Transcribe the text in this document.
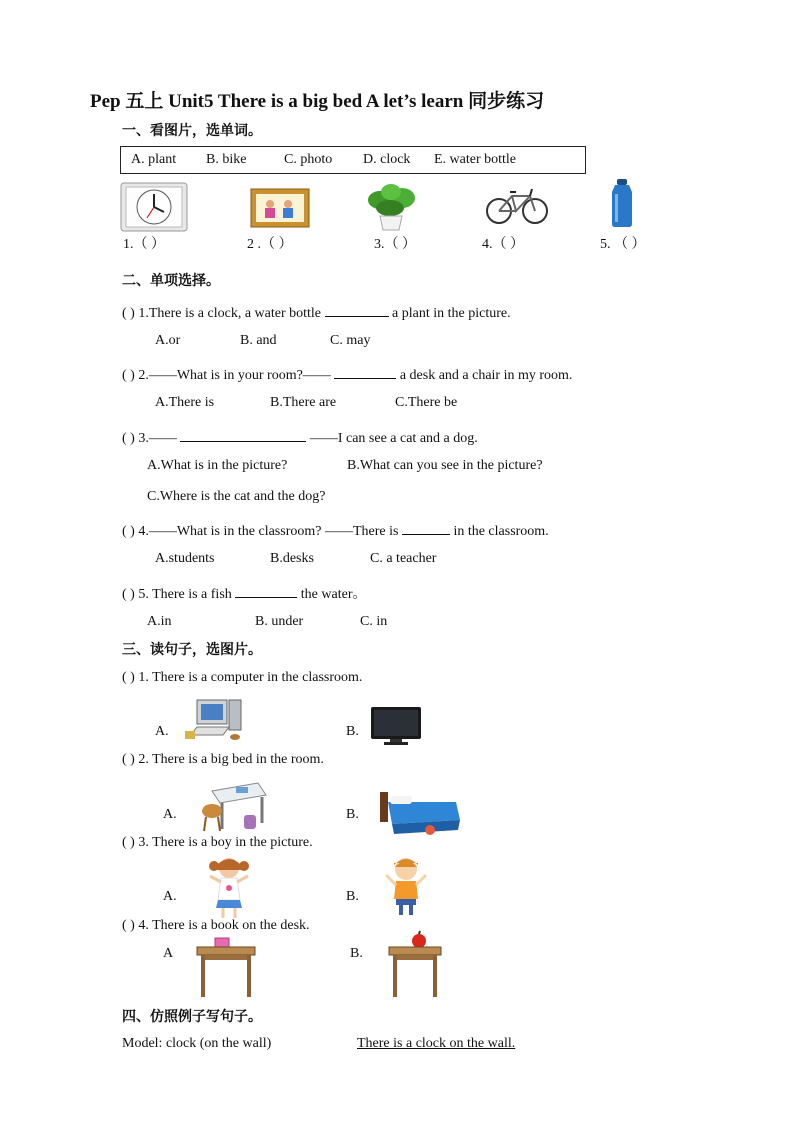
Pep 五上 Unit5 There is a big bed A let’s learn 同步练习
一、看图片，选单词。
A. plant B. bike	C. photo D. clock E. water bottle
1.（ ）	2 .（ ）	3.（ ）	4.（ ）	5. （ ）
二、单项选择。
( ) 1.There is a clock, a water bottle	a plant in the picture.
A.or	B. and	C. may
( ) 2.——What is in your room?——	a desk and a chair in my room.
A.There is	B.There are	C.There be
( ) 3.——	——I can see a cat and a dog.
A.What is in the picture?	B.What can you see in the picture?
C.Where is the cat and the dog?
( ) 4.——What is in the classroom? ——There is	in the classroom.
A.students	B.desks	C. a teacher
( ) 5. There is a fish	the water。
A.in	B. under	C. in
三、读句子，选图片。
( ) 1. There is a computer in the classroom.
A.	B.
( ) 2. There is a big bed in the room.
A.	B.
( ) 3. There is a boy in the picture.
A.	B.
( ) 4. There is a book on the desk.
A	B.
四、仿照例子写句子。
Model: clock (on the wall)	There is a clock on the wall.
